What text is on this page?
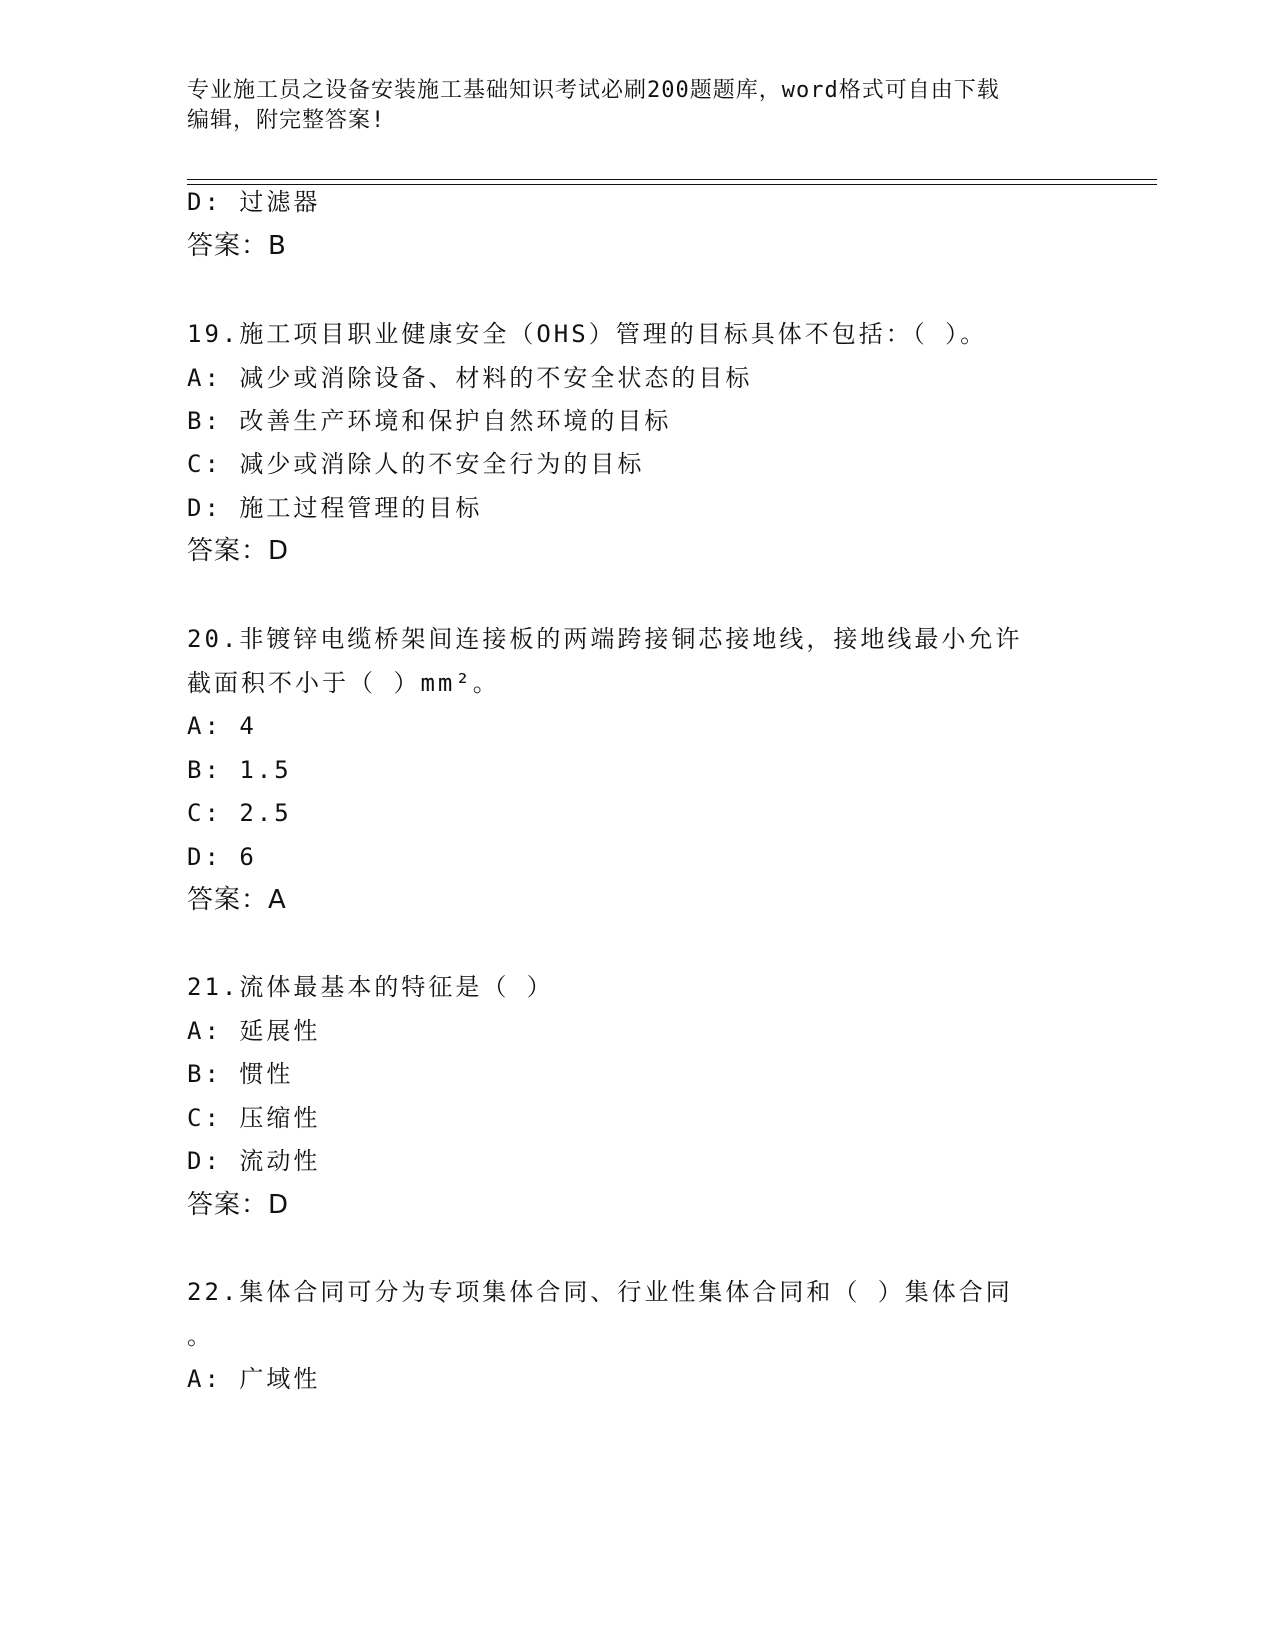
专业施工员之设备安装施工基础知识考试必刷200题题库，word格式可自由下载
编辑，附完整答案!
D: 过滤器
答案：B
19.施工项目职业健康安全（OHS）管理的目标具体不包括：（ ）。
A: 减少或消除设备、材料的不安全状态的目标
B: 改善生产环境和保护自然环境的目标
C: 减少或消除人的不安全行为的目标
D: 施工过程管理的目标
答案：D
20.非镀锌电缆桥架间连接板的两端跨接铜芯接地线，接地线最小允许
截面积不小于（ ）mm²。
A: 4
B: 1.5
C: 2.5
D: 6
答案：A
21.流体最基本的特征是（ ）
A: 延展性
B: 惯性
C: 压缩性
D: 流动性
答案：D
22.集体合同可分为专项集体合同、行业性集体合同和（ ）集体合同
。
A: 广域性
